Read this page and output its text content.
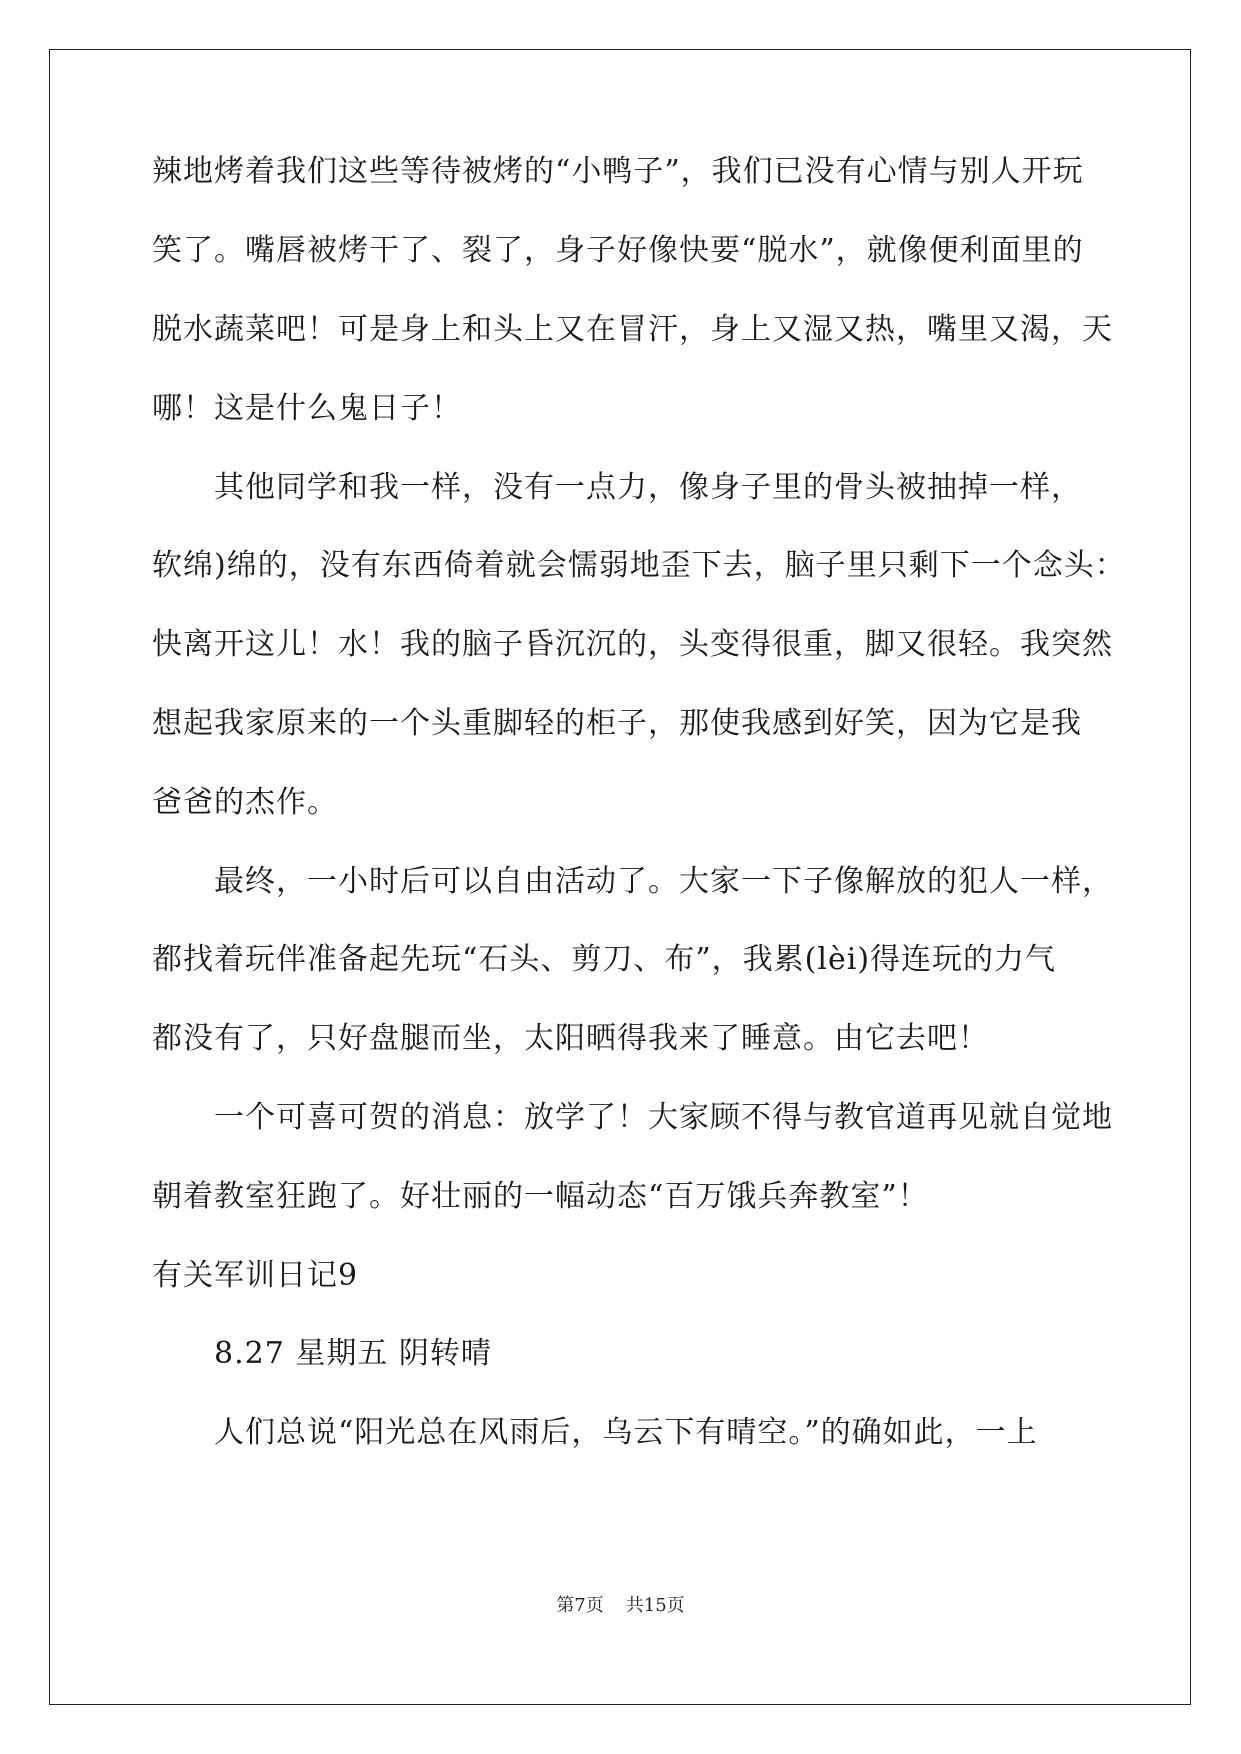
辣地烤着我们这些等待被烤的“小鸭子”，我们已没有心情与别人开玩
笑了。嘴唇被烤干了、裂了，身子好像快要“脱水”，就像便利面里的
脱水蔬菜吧！可是身上和头上又在冒汗，身上又湿又热，嘴里又渴，天
哪！这是什么鬼日子！
其他同学和我一样，没有一点力，像身子里的骨头被抽掉一样，
软绵)绵的，没有东西倚着就会懦弱地歪下去，脑子里只剩下一个念头：
快离开这儿！水！我的脑子昏沉沉的，头变得很重，脚又很轻。我突然
想起我家原来的一个头重脚轻的柜子，那使我感到好笑，因为它是我
爸爸的杰作。
最终，一小时后可以自由活动了。大家一下子像解放的犯人一样，
都找着玩伴准备起先玩“石头、剪刀、布”，我累(lèi)得连玩的力气
都没有了，只好盘腿而坐，太阳晒得我来了睡意。由它去吧！
一个可喜可贺的消息：放学了！大家顾不得与教官道再见就自觉地
朝着教室狂跑了。好壮丽的一幅动态“百万饿兵奔教室”！
有关军训日记9
8.27 星期五 阴转晴
人们总说“阳光总在风雨后，乌云下有晴空。”的确如此，一上
第7页 共15页
